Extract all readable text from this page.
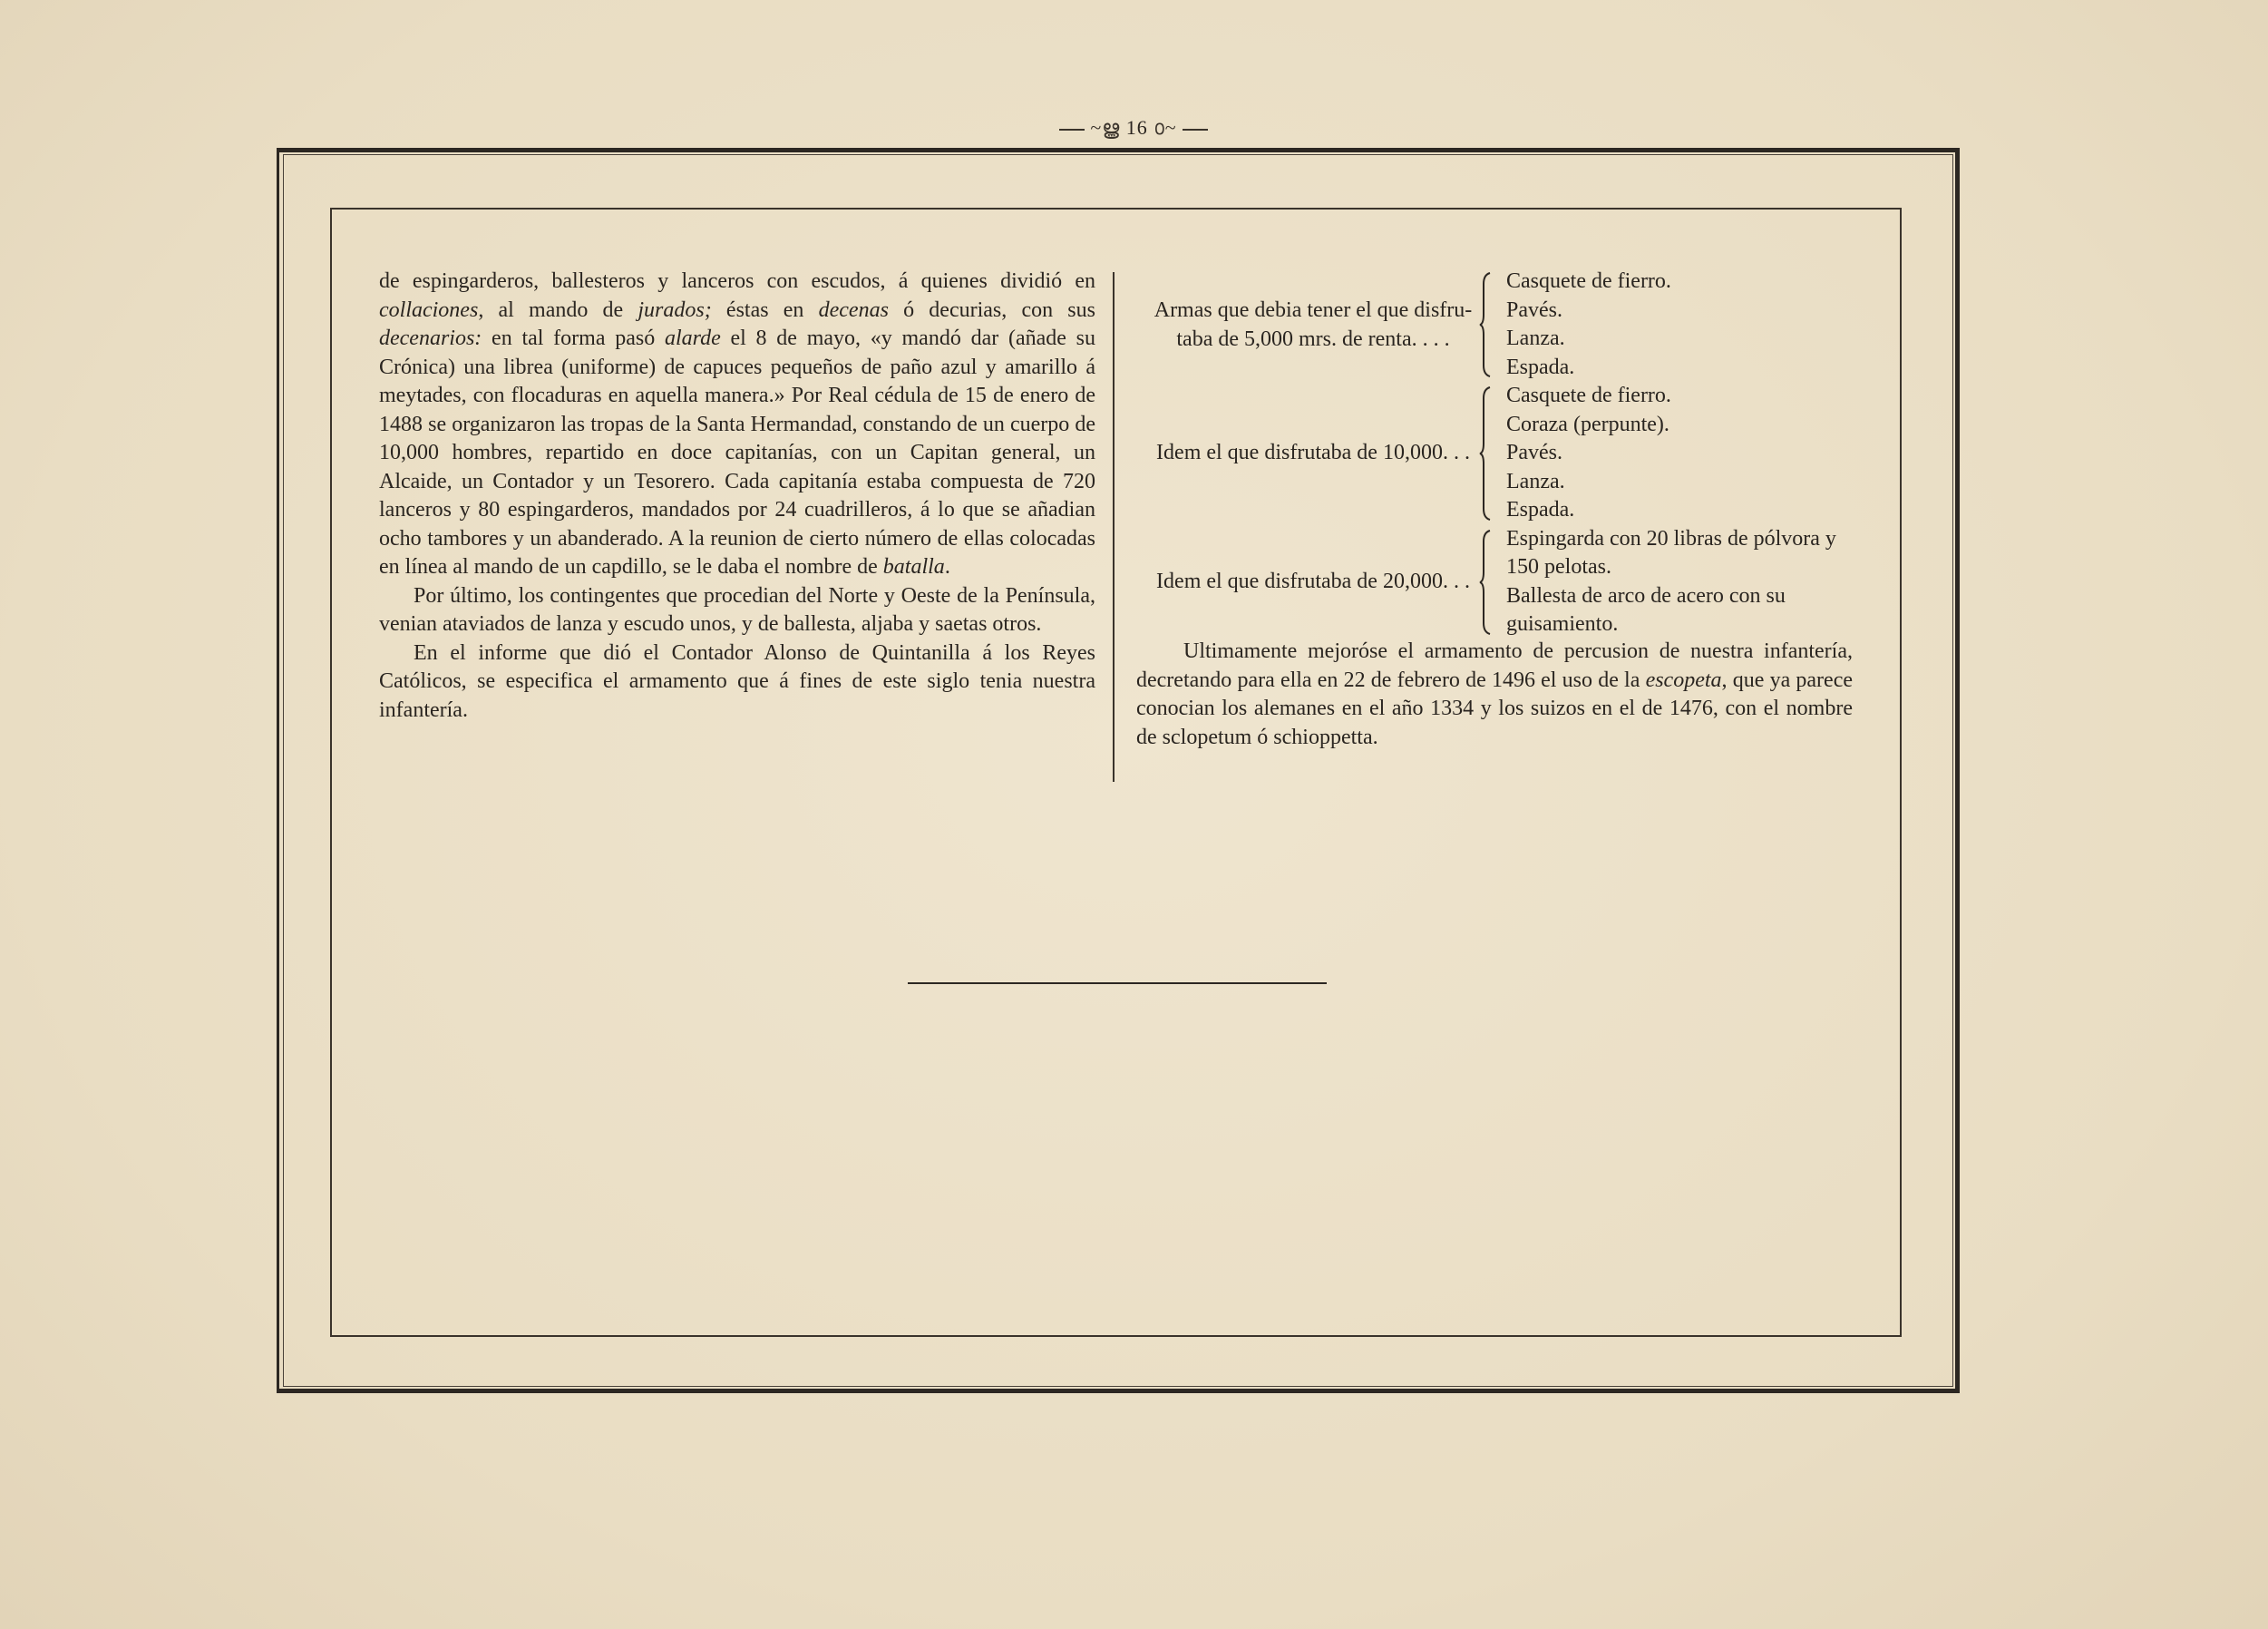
~ൠ 16 ൦~

de espingarderos, ballesteros y lanceros con escudos, á quienes dividió en collaciones, al mando de jurados; éstas en decenas ó decurias, con sus decenarios: en tal forma pasó alarde el 8 de mayo, «y mandó dar (añade su Crónica) una librea (uniforme) de capuces pequeños de paño azul y amarillo á meytades, con flocaduras en aquella manera.» Por Real cédula de 15 de enero de 1488 se organizaron las tropas de la Santa Hermandad, constando de un cuerpo de 10,000 hombres, repartido en doce capitanías, con un Capitan general, un Alcaide, un Contador y un Tesorero. Cada capitanía estaba compuesta de 720 lanceros y 80 espingarderos, mandados por 24 cuadrilleros, á lo que se añadian ocho tambores y un abanderado. A la reunion de cierto número de ellas colocadas en línea al mando de un capdillo, se le daba el nombre de batalla.

Por último, los contingentes que procedian del Norte y Oeste de la Península, venian ataviados de lanza y escudo unos, y de ballesta, aljaba y saetas otros.

En el informe que dió el Contador Alonso de Quintanilla á los Reyes Católicos, se especifica el armamento que á fines de este siglo tenia nuestra infantería.

Armas que debia tener el que disfru-
taba de 5,000 mrs. de renta. . . .
Casquete de fierro.
Pavés.
Lanza.
Espada.
Idem el que disfrutaba de 10,000. . .
Casquete de fierro.
Coraza (perpunte).
Pavés.
Lanza.
Espada.
Idem el que disfrutaba de 20,000. . .
Espingarda con 20 libras de pólvora y 150 pelotas.
Ballesta de arco de acero con su guisamiento.

Ultimamente mejoróse el armamento de percusion de nuestra infantería, decretando para ella en 22 de febrero de 1496 el uso de la escopeta, que ya parece conocian los alemanes en el año 1334 y los suizos en el de 1476, con el nombre de sclopetum ó schioppetta.
